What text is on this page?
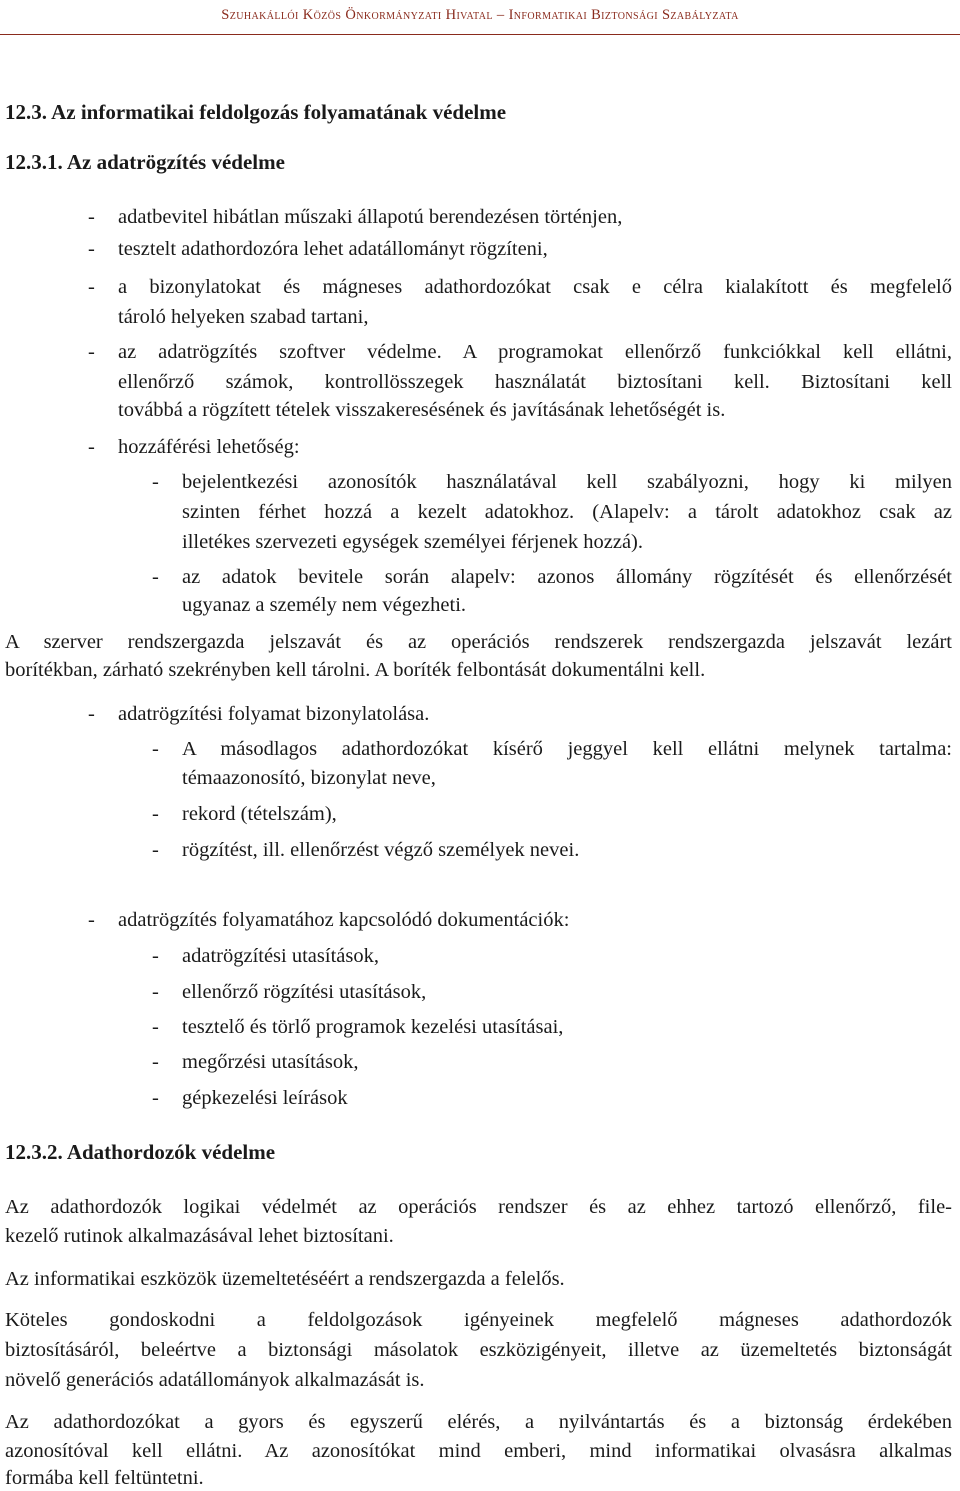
Szuhakállói Közös Önkormányzati Hivatal – Informatikai Biztonsági Szabályzata
12.3. Az informatikai feldolgozás folyamatának védelme
12.3.1. Az adatrögzítés védelme
- adatbevitel hibátlan műszaki állapotú berendezésen történjen,
- tesztelt adathordozóra lehet adatállományt rögzíteni,
- a bizonylatokat és mágneses adathordozókat csak e célra kialakított és megfelelő
tároló helyeken szabad tartani,
- az adatrögzítés szoftver védelme. A programokat ellenőrző funkciókkal kell ellátni,
ellenőrző számok, kontrollösszegek használatát biztosítani kell. Biztosítani kell
továbbá a rögzített tételek visszakeresésének és javításának lehetőségét is.
- hozzáférési lehetőség:
- bejelentkezési azonosítók használatával kell szabályozni, hogy ki milyen
szinten férhet hozzá a kezelt adatokhoz. (Alapelv: a tárolt adatokhoz csak az
illetékes szervezeti egységek személyei férjenek hozzá).
- az adatok bevitele során alapelv: azonos állomány rögzítését és ellenőrzését
ugyanaz a személy nem végezheti.
A szerver rendszergazda jelszavát és az operációs rendszerek rendszergazda jelszavát lezárt
borítékban, zárható szekrényben kell tárolni. A boríték felbontását dokumentálni kell.
- adatrögzítési folyamat bizonylatolása.
- A másodlagos adathordozókat kísérő jeggyel kell ellátni melynek tartalma:
témaazonosító, bizonylat neve,
- rekord (tételszám),
- rögzítést, ill. ellenőrzést végző személyek nevei.
- adatrögzítés folyamatához kapcsolódó dokumentációk:
- adatrögzítési utasítások,
- ellenőrző rögzítési utasítások,
- tesztelő és törlő programok kezelési utasításai,
- megőrzési utasítások,
- gépkezelési leírások
12.3.2. Adathordozók védelme
Az adathordozók logikai védelmét az operációs rendszer és az ehhez tartozó ellenőrző, file-
kezelő rutinok alkalmazásával lehet biztosítani.
Az informatikai eszközök üzemeltetéséért a rendszergazda a felelős.
Köteles gondoskodni a feldolgozások igényeinek megfelelő mágneses adathordozók
biztosításáról, beleértve a biztonsági másolatok eszközigényeit, illetve az üzemeltetés biztonságát
növelő generációs adatállományok alkalmazását is.
Az adathordozókat a gyors és egyszerű elérés, a nyilvántartás és a biztonság érdekében
azonosítóval kell ellátni. Az azonosítókat mind emberi, mind informatikai olvasásra alkalmas
formába kell feltüntetni.
